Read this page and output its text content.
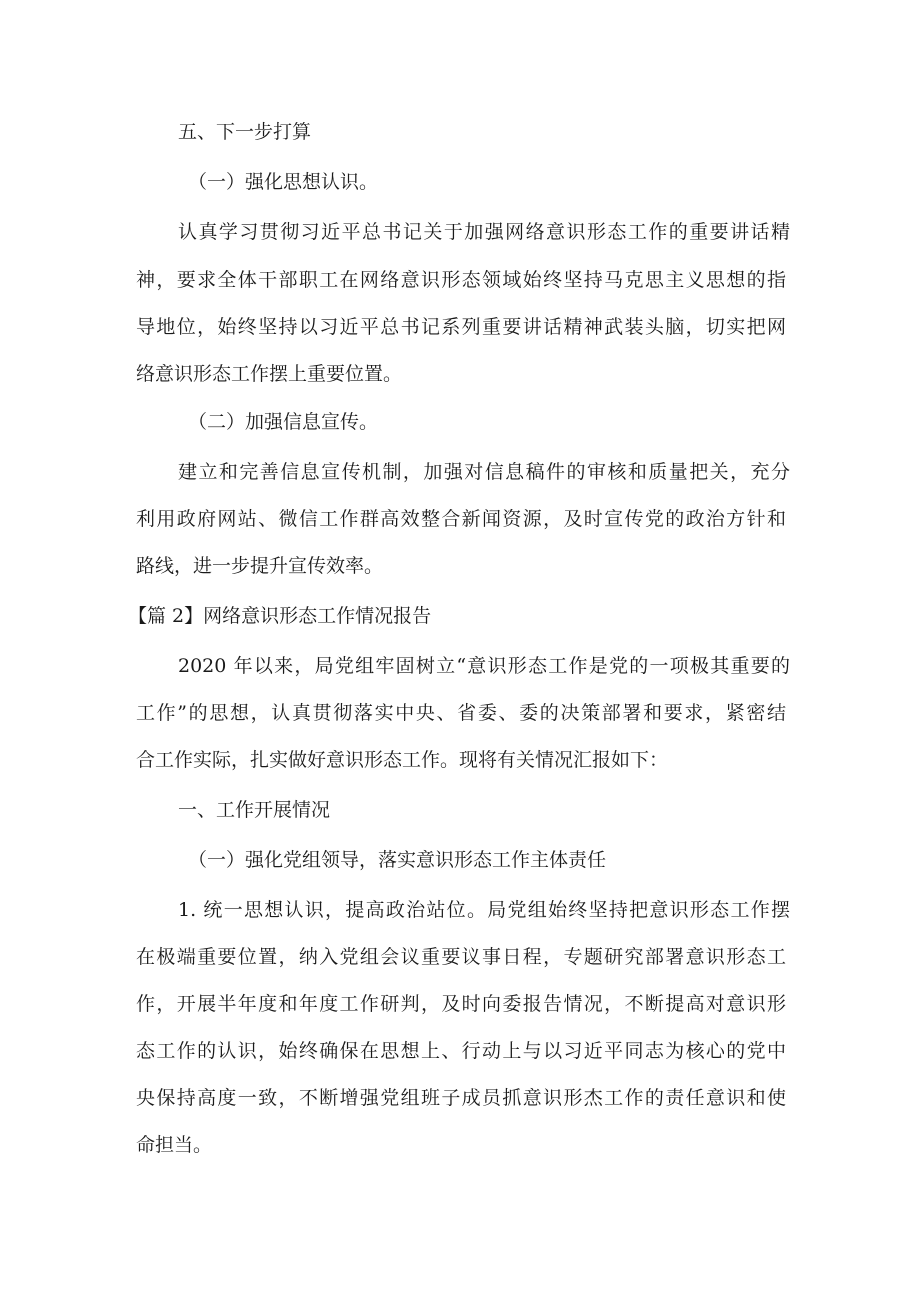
五、下一步打算
（一）强化思想认识。
认真学习贯彻习近平总书记关于加强网络意识形态工作的重要讲话精
神，要求全体干部职工在网络意识形态领域始终坚持马克思主义思想的指
导地位，始终坚持以习近平总书记系列重要讲话精神武装头脑，切实把网
络意识形态工作摆上重要位置。
（二）加强信息宣传。
建立和完善信息宣传机制，加强对信息稿件的审核和质量把关，充分
利用政府网站、微信工作群高效整合新闻资源，及时宣传党的政治方针和
路线，进一步提升宣传效率。
【篇 2】网络意识形态工作情况报告
2020 年以来，局党组牢固树立“意识形态工作是党的一项极其重要的
工作”的思想，认真贯彻落实中央、省委、委的决策部署和要求，紧密结
合工作实际，扎实做好意识形态工作。现将有关情况汇报如下：
一、工作开展情况
（一）强化党组领导，落实意识形态工作主体责任
1. 统一思想认识，提高政治站位。局党组始终坚持把意识形态工作摆
在极端重要位置，纳入党组会议重要议事日程，专题研究部署意识形态工
作，开展半年度和年度工作研判，及时向委报告情况，不断提高对意识形
态工作的认识，始终确保在思想上、行动上与以习近平同志为核心的党中
央保持高度一致，不断增强党组班子成员抓意识形杰工作的责任意识和使
命担当。
